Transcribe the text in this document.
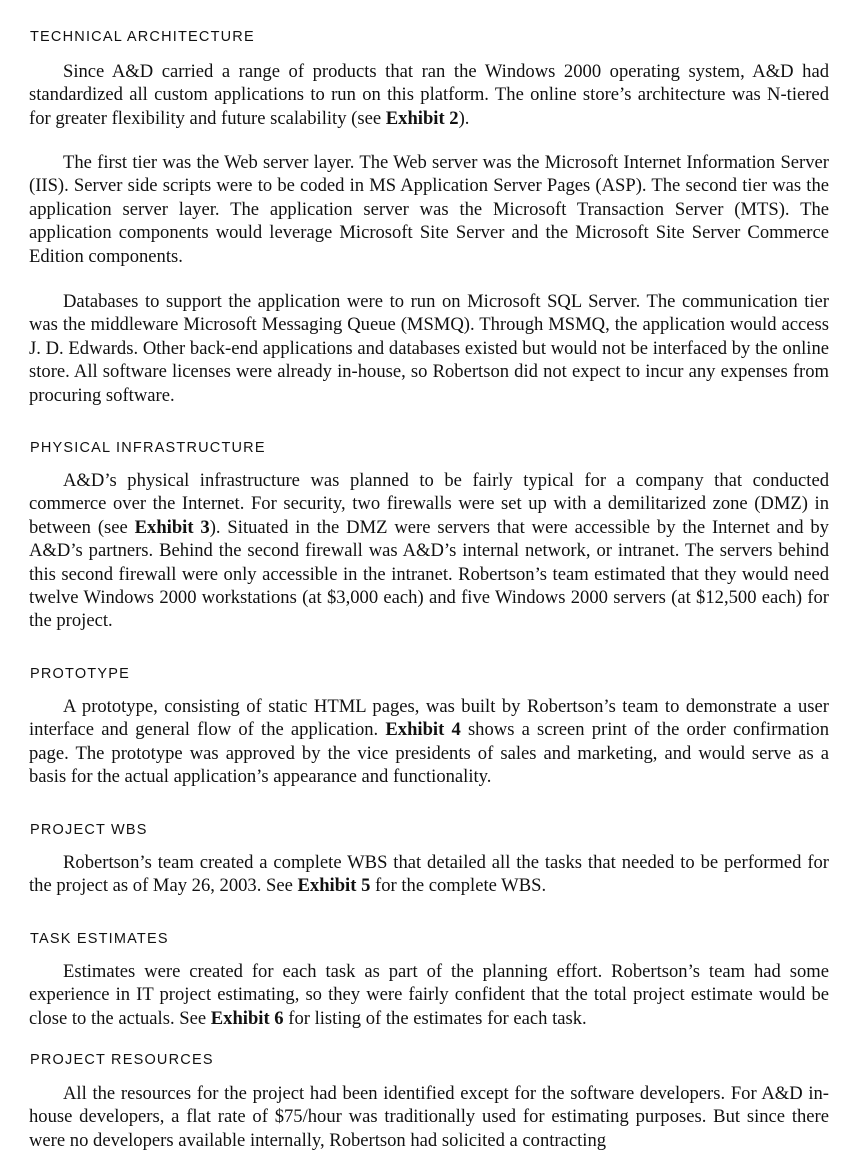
TECHNICAL ARCHITECTURE

Since A&D carried a range of products that ran the Windows 2000 operating system, A&D had standardized all custom applications to run on this platform. The online store’s architecture was N-tiered for greater flexibility and future scalability (see Exhibit 2).

The first tier was the Web server layer. The Web server was the Microsoft Internet Information Server (IIS). Server side scripts were to be coded in MS Application Server Pages (ASP). The second tier was the application server layer. The application server was the Microsoft Transaction Server (MTS). The application components would leverage Microsoft Site Server and the Microsoft Site Server Commerce Edition components.

Databases to support the application were to run on Microsoft SQL Server. The communication tier was the middleware Microsoft Messaging Queue (MSMQ). Through MSMQ, the application would access J. D. Edwards. Other back-end applications and databases existed but would not be interfaced by the online store. All software licenses were already in-house, so Robertson did not expect to incur any expenses from procuring software.

PHYSICAL INFRASTRUCTURE

A&D’s physical infrastructure was planned to be fairly typical for a company that conducted commerce over the Internet. For security, two firewalls were set up with a demilitarized zone (DMZ) in between (see Exhibit 3). Situated in the DMZ were servers that were accessible by the Internet and by A&D’s partners. Behind the second firewall was A&D’s internal network, or intranet. The servers behind this second firewall were only accessible in the intranet. Robertson’s team estimated that they would need twelve Windows 2000 workstations (at $3,000 each) and five Windows 2000 servers (at $12,500 each) for the project.

PROTOTYPE

A prototype, consisting of static HTML pages, was built by Robertson’s team to demonstrate a user interface and general flow of the application. Exhibit 4 shows a screen print of the order confirmation page. The prototype was approved by the vice presidents of sales and marketing, and would serve as a basis for the actual application’s appearance and functionality.

PROJECT WBS

Robertson’s team created a complete WBS that detailed all the tasks that needed to be performed for the project as of May 26, 2003. See Exhibit 5 for the complete WBS.

TASK ESTIMATES

Estimates were created for each task as part of the planning effort. Robertson’s team had some experience in IT project estimating, so they were fairly confident that the total project estimate would be close to the actuals. See Exhibit 6 for listing of the estimates for each task.

PROJECT RESOURCES

All the resources for the project had been identified except for the software developers. For A&D in-house developers, a flat rate of $75/hour was traditionally used for estimating purposes. But since there were no developers available internally, Robertson had solicited a contracting
